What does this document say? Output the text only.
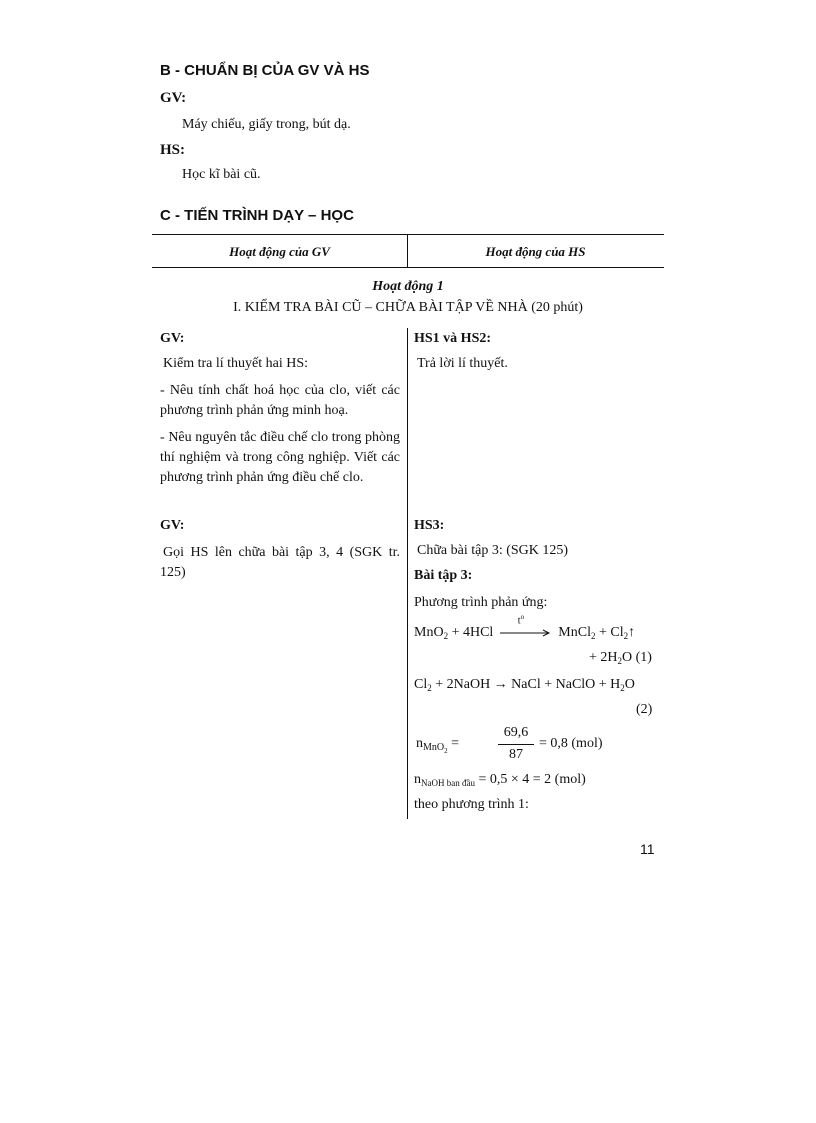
B - CHUẨN BỊ CỦA GV VÀ HS
GV:
Máy chiếu, giấy trong, bút dạ.
HS:
Học kĩ bài cũ.
C - TIẾN TRÌNH DẠY – HỌC
Hoạt động của GV	Hoạt động của HS
Hoạt động 1
I. KIỂM TRA BÀI CŨ – CHỮA BÀI TẬP VỀ NHÀ (20 phút)
GV:
Kiểm tra lí thuyết hai HS:
- Nêu tính chất hoá học của clo, viết các phương trình phản ứng minh hoạ.
- Nêu nguyên tắc điều chế clo trong phòng thí nghiệm và trong công nghiệp. Viết các phương trình phản ứng điều chế clo.
GV:
Gọi HS lên chữa bài tập 3, 4 (SGK tr. 125)
HS1 và HS2:
Trả lời lí thuyết.
HS3:
Chữa bài tập 3: (SGK 125)
Bài tập 3:
Phương trình phản ứng:
MnO$_2$ + 4HCl
$t^o$
MnCl$_2$ + $Cl_2↑$
+ $2H_2O$ (1)
$Cl_2$ + 2NaOH → NaCl + NaClO + $H_2O$
(2)
$n_{MnO_2}$ =
69,6
87
= 0,8 (mol)
$n_{NaOH ban đầu} = 0,5 \times 4 = 2$ (mol)
theo phương trình 1:
11
